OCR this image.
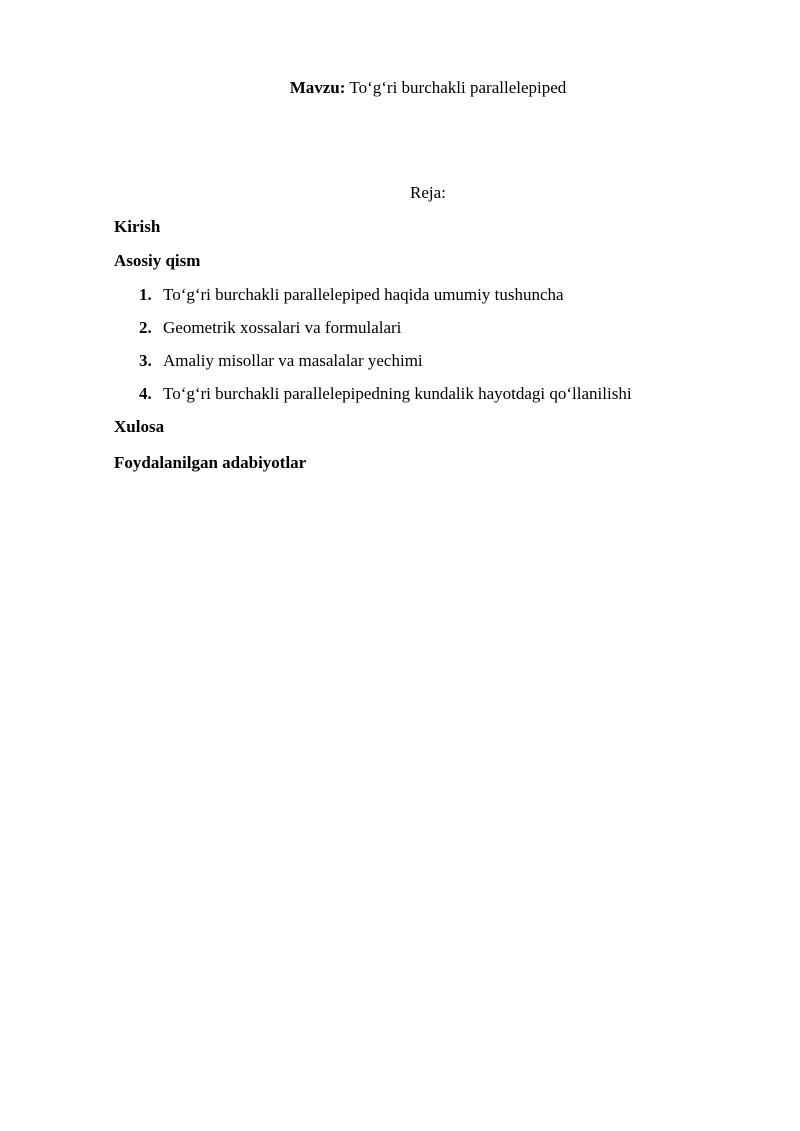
Mavzu: To‘g‘ri burchakli parallelepiped
Reja:
Kirish
Asosiy qism
1. To‘g‘ri burchakli parallelepiped haqida umumiy tushuncha
2. Geometrik xossalari va formulalari
3. Amaliy misollar va masalalar yechimi
4. To‘g‘ri burchakli parallelepipedning kundalik hayotdagi qo‘llanilishi
Xulosa
Foydalanilgan adabiyotlar
